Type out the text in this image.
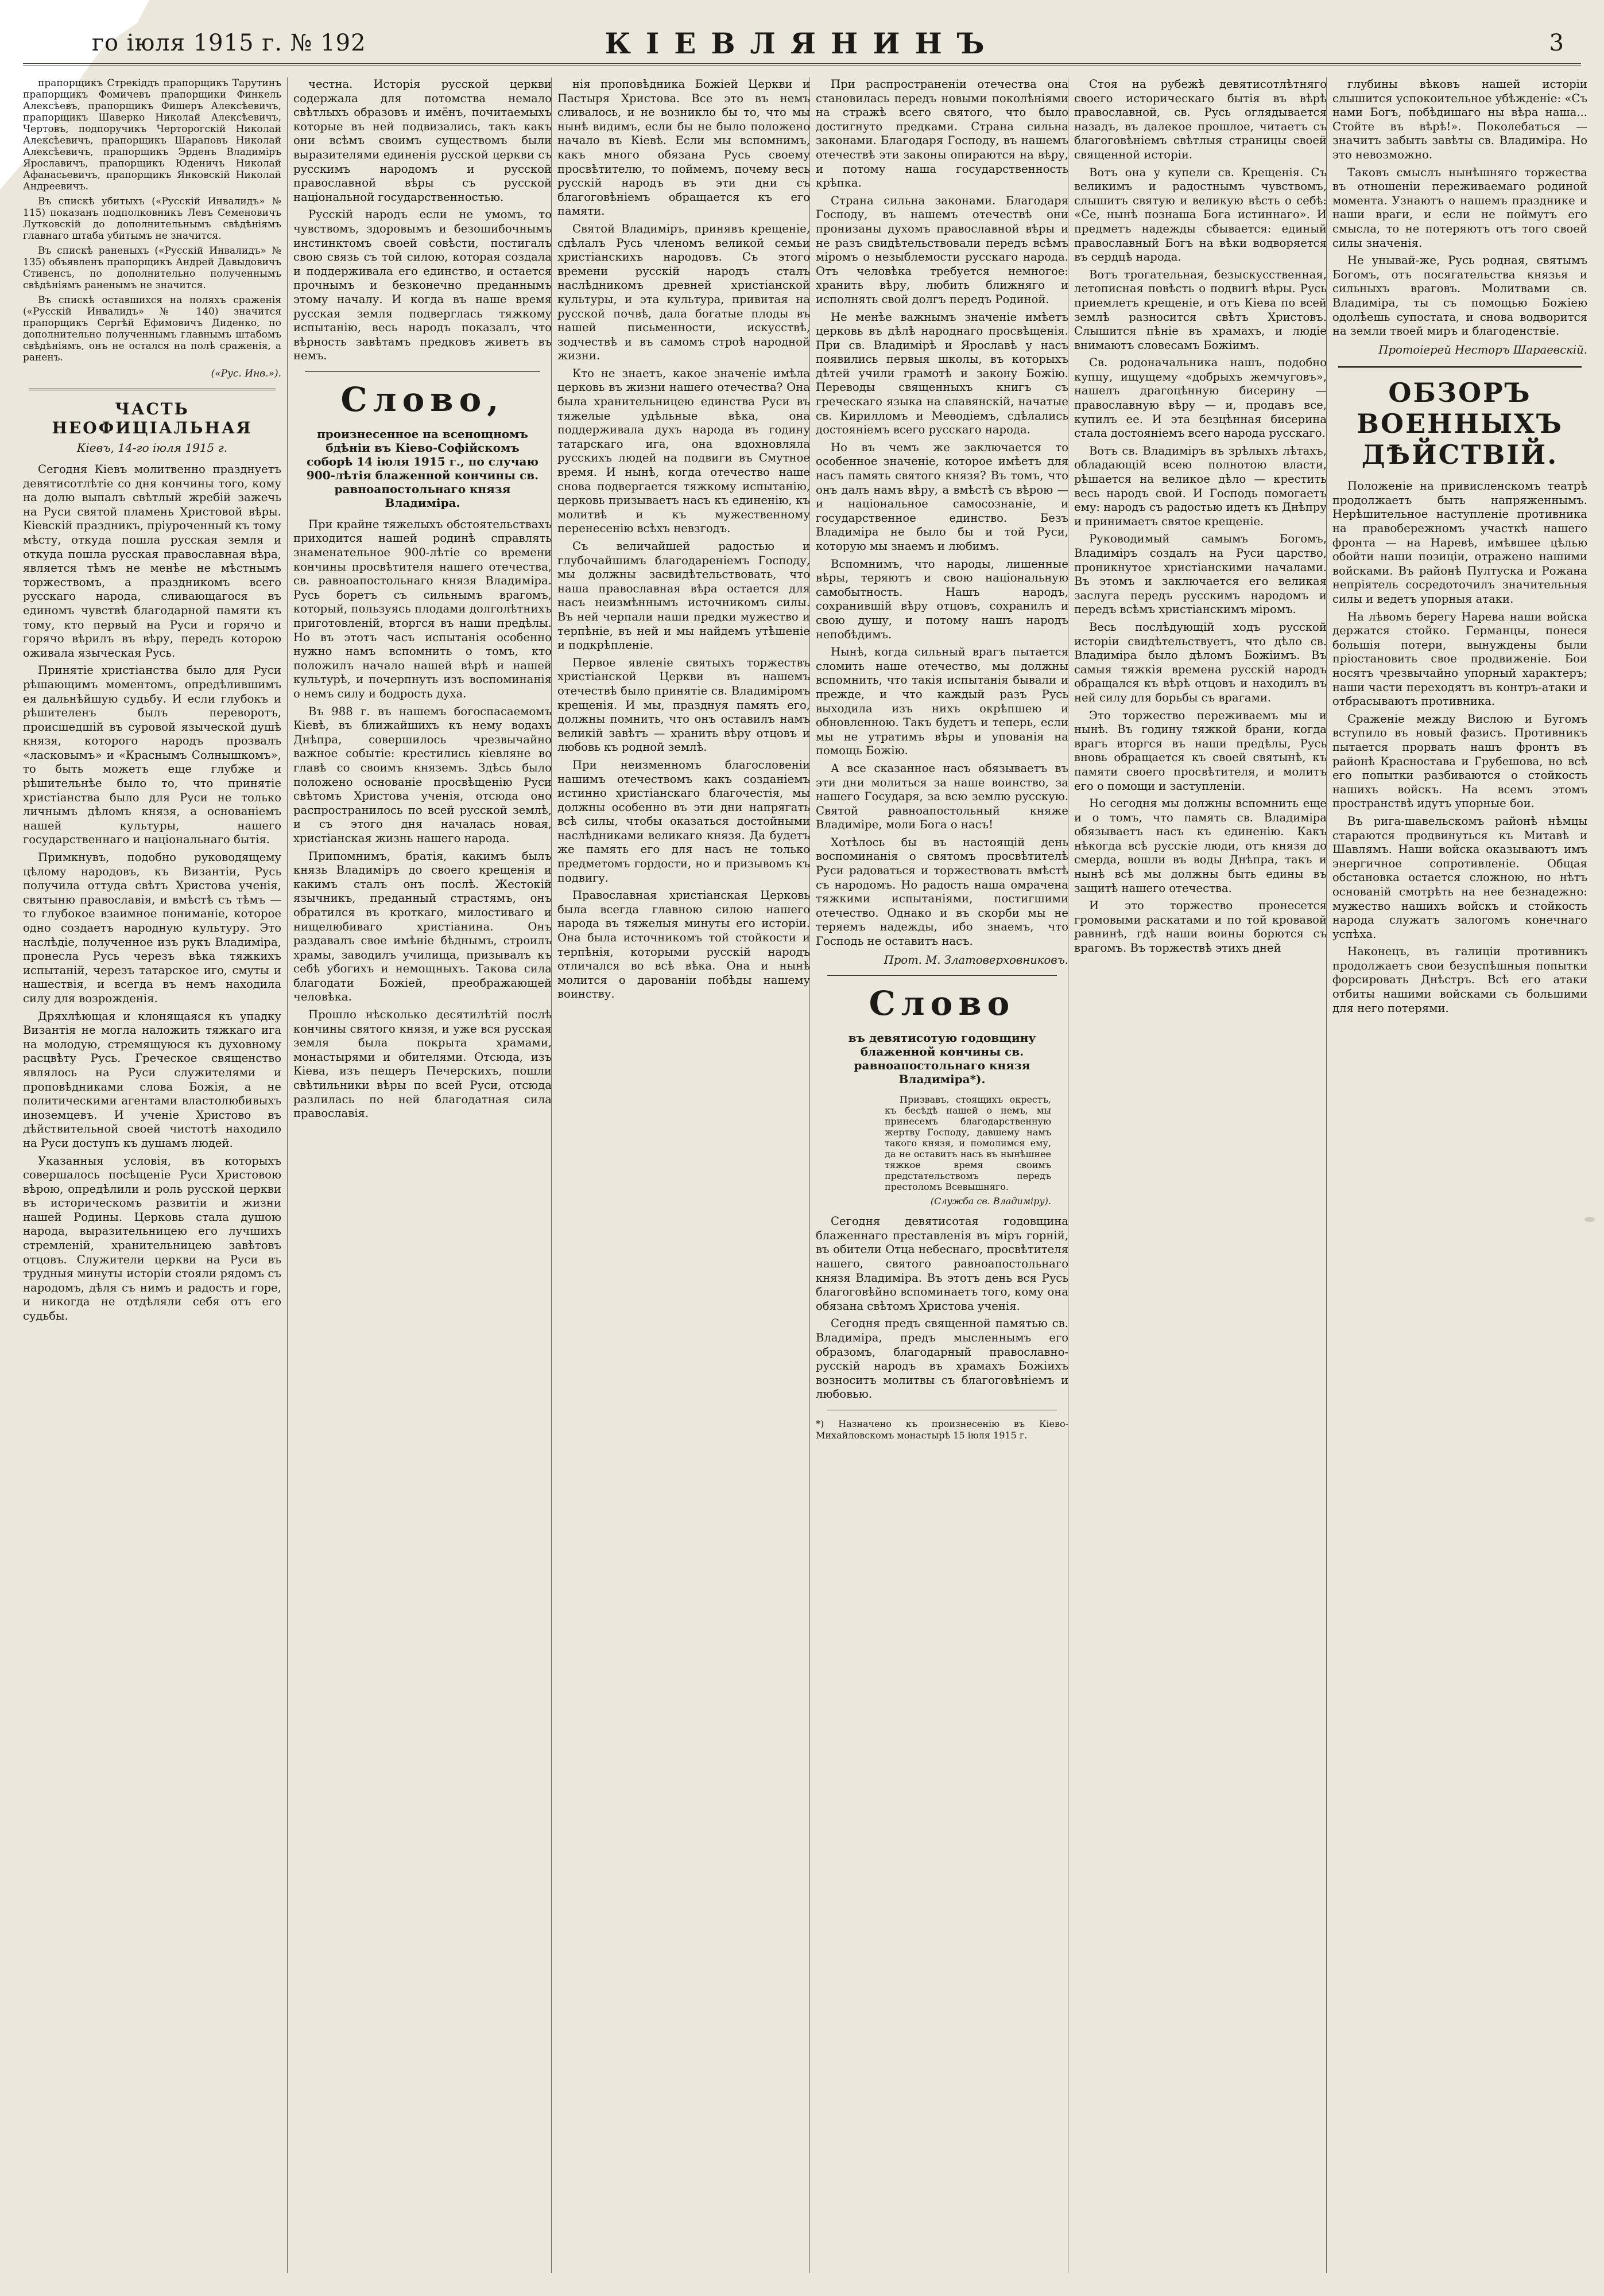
го іюля 1915 г. № 192	КІЕВЛЯНИНЪ	3

прапорщикъ Стрекіддъ прапорщикъ Тарутинъ прапорщикъ Фомичевъ прапорщики Финкель Алексѣевъ, прапорщикъ Фишеръ Алексѣевичъ, прапорщикъ Шаверко Николай Алексѣевичъ, Чертовъ, подпоручикъ Черторогскій Николай Алексѣевичъ, прапорщикъ Шараповъ Николай Алексѣевичъ, прапорщикъ Эрденъ Владиміръ Ярославичъ, прапорщикъ Юденичъ Николай Афанасьевичъ, прапорщикъ Янковскій Николай Андреевичъ.

Въ спискѣ убитыхъ («Русскій Инвалидъ» № 115) показанъ подполковникъ Левъ Семеновичъ Лутковскій до дополнительнымъ свѣдѣніямъ главнаго штаба убитымъ не значится.

Въ спискѣ раненыхъ («Русскій Инвалидъ» № 135) объявленъ прапорщикъ Андрей Давыдовичъ Стивенсъ, по дополнительно полученнымъ свѣдѣніямъ раненымъ не значится.

Въ спискѣ оставшихся на поляхъ сраженія («Русскій Инвалидъ» № 140) значится прапорщикъ Сергѣй Ефимовичъ Диденко, по дополнительно полученнымъ главнымъ штабомъ свѣдѣніямъ, онъ не остался на полѣ сраженія, а раненъ.

(«Рус. Инв.»).

ЧАСТЬ НЕОФИЦІАЛЬНАЯ
Кіевъ, 14-го іюля 1915 г.

Сегодня Кіевъ молитвенно празднуетъ девятисотлѣтіе со дня кончины того, кому на долю выпалъ свѣтлый жребій зажечь на Руси святой пламень Христовой вѣры. Кіевскій праздникъ, пріуроченный къ тому мѣсту, откуда пошла русская земля и откуда пошла русская православная вѣра, является тѣмъ не менѣе не мѣстнымъ торжествомъ, а праздникомъ всего русскаго народа, сливающагося въ единомъ чувствѣ благодарной памяти къ тому, кто первый на Руси и горячо и горячо вѣрилъ въ вѣру, передъ которою оживала языческая Русь.

Принятіе христіанства было для Руси рѣшающимъ моментомъ, опредѣлившимъ ея дальнѣйшую судьбу. И если глубокъ и рѣшителенъ былъ переворотъ, происшедшій въ суровой языческой душѣ князя, которого народъ прозвалъ «ласковымъ» и «Краснымъ Солнышкомъ», то быть можетъ еще глубже и рѣшительнѣе было то, что принятіе христіанства было для Руси не только личнымъ дѣломъ князя, а основаніемъ нашей культуры, нашего государственнаго и національнаго бытія.

Примкнувъ, подобно руководящему цѣлому народовъ, къ Византіи, Русь получила оттуда свѣтъ Христова ученія, святыню православія, и вмѣстѣ съ тѣмъ — то глубокое взаимное пониманіе, которое одно создаетъ народную культуру. Это наслѣдіе, полученное изъ рукъ Владиміра, пронесла Русь черезъ вѣка тяжкихъ испытаній, черезъ татарское иго, смуты и нашествія, и всегда въ немъ находила силу для возрожденія.

Дряхлѣющая и клонящаяся къ упадку Византія не могла наложить тяжкаго ига на молодую, стремящуюся къ духовному расцвѣту Русь. Греческое священство являлось на Руси служителями и проповѣдниками слова Божія, а не политическими агентами властолюбивыхъ иноземцевъ. И ученіе Христово въ дѣйствительной своей чистотѣ находило на Руси доступъ къ душамъ людей.

Указанныя условія, въ которыхъ совершалось посѣщеніе Руси Христовою вѣрою, опредѣлили и роль русской церкви въ историческомъ развитіи и жизни нашей Родины. Церковь стала душою народа, выразительницею его лучшихъ стремленій, хранительницею завѣтовъ отцовъ. Служители церкви на Руси въ трудныя минуты исторіи стояли рядомъ съ народомъ, дѣля съ нимъ и радость и горе, и никогда не отдѣляли себя отъ его судьбы.

честна. Исторія русской церкви содержала для потомства немало свѣтлыхъ образовъ и имёнъ, почитаемыхъ которые въ ней подвизались, такъ какъ они всѣмъ своимъ существомъ были выразителями единенія русской церкви съ русскимъ народомъ и русской православной вѣры съ русской національной государственностью.

Русскій народъ если не умомъ, то чувствомъ, здоровымъ и безошибочнымъ инстинктомъ своей совѣсти, постигалъ свою связь съ той силою, которая создала и поддерживала его единство, и остается прочнымъ и безконечно преданнымъ этому началу. И когда въ наше время русская земля подверглась тяжкому испытанію, весь народъ показалъ, что вѣрность завѣтамъ предковъ живетъ въ немъ.

Слово,
произнесенное на всенощномъ бдѣніи въ Кіево-Софійскомъ соборѣ 14 іюля 1915 г., по случаю 900-лѣтія блаженной кончины св. равноапостольнаго князя Владиміра.

При крайне тяжелыхъ обстоятельствахъ приходится нашей родинѣ справлять знаменательное 900-лѣтіе со времени кончины просвѣтителя нашего отечества, св. равноапостольнаго князя Владиміра. Русь боретъ съ сильнымъ врагомъ, который, пользуясь плодами долголѣтнихъ приготовленій, вторгся въ наши предѣлы. Но въ этотъ часъ испытанія особенно нужно намъ вспомнить о томъ, кто положилъ начало нашей вѣрѣ и нашей культурѣ, и почерпнуть изъ воспоминанія о немъ силу и бодрость духа.

Въ 988 г. въ нашемъ богоспасаемомъ Кіевѣ, въ ближайшихъ къ нему водахъ Днѣпра, совершилось чрезвычайно важное событіе: крестились кіевляне во главѣ со своимъ княземъ. Здѣсь было положено основаніе просвѣщенію Руси свѣтомъ Христова ученія, отсюда оно распространилось по всей русской землѣ, и съ этого дня началась новая, христіанская жизнь нашего народа.

Припомнимъ, братія, какимъ былъ князь Владиміръ до своего крещенія и какимъ сталъ онъ послѣ. Жестокій язычникъ, преданный страстямъ, онъ обратился въ кроткаго, милостиваго и нищелюбиваго христіанина. Онъ раздавалъ свое имѣніе бѣднымъ, строилъ храмы, заводилъ училища, призывалъ къ себѣ убогихъ и немощныхъ. Такова сила благодати Божіей, преображающей человѣка.

Прошло нѣсколько десятилѣтій послѣ кончины святого князя, и уже вся русская земля была покрыта храмами, монастырями и обителями. Отсюда, изъ Кіева, изъ пещеръ Печерскихъ, пошли свѣтильники вѣры по всей Руси, отсюда разлилась по ней благодатная сила православія.

нія проповѣдника Божіей Церкви и Пастыря Христова. Все это въ немъ сливалось, и не возникло бы то, что мы нынѣ видимъ, если бы не было положено начало въ Кіевѣ. Если мы вспомнимъ, какъ много обязана Русь своему просвѣтителю, то поймемъ, почему весь русскій народъ въ эти дни съ благоговѣніемъ обращается къ его памяти.

Святой Владиміръ, принявъ крещеніе, сдѣлалъ Русь членомъ великой семьи христіанскихъ народовъ. Съ этого времени русскій народъ сталъ наслѣдникомъ древней христіанской культуры, и эта культура, привитая на русской почвѣ, дала богатые плоды въ нашей письменности, искусствѣ, зодчествѣ и въ самомъ строѣ народной жизни.

Кто не знаетъ, какое значеніе имѣла церковь въ жизни нашего отечества? Она была хранительницею единства Руси въ тяжелые удѣльные вѣка, она поддерживала духъ народа въ годину татарскаго ига, она вдохновляла русскихъ людей на подвиги въ Смутное время. И нынѣ, когда отечество наше снова подвергается тяжкому испытанію, церковь призываетъ насъ къ единенію, къ молитвѣ и къ мужественному перенесенію всѣхъ невзгодъ.

Съ величайшей радостью и глубочайшимъ благодареніемъ Господу, мы должны засвидѣтельствовать, что наша православная вѣра остается для насъ неизмѣннымъ источникомъ силы. Въ ней черпали наши предки мужество и терпѣніе, въ ней и мы найдемъ утѣшеніе и подкрѣпленіе.

Первое явленіе святыхъ торжествъ христіанской Церкви въ нашемъ отечествѣ было принятіе св. Владиміромъ крещенія. И мы, празднуя память его, должны помнить, что онъ оставилъ намъ великій завѣтъ — хранить вѣру отцовъ и любовь къ родной землѣ.

При неизменномъ благословеніи нашимъ отечествомъ какъ созданіемъ истинно христіанскаго благочестія, мы должны особенно въ эти дни напрягать всѣ силы, чтобы оказаться достойными наслѣдниками великаго князя. Да будетъ же память его для насъ не только предметомъ гордости, но и призывомъ къ подвигу.

Православная христіанская Церковь была всегда главною силою нашего народа въ тяжелыя минуты его исторіи. Она была источникомъ той стойкости и терпѣнія, которыми русскій народъ отличался во всѣ вѣка. Она и нынѣ молится о дарованіи побѣды нашему воинству.

При распространеніи отечества она становилась передъ новыми поколѣніями на стражѣ всего святого, что было достигнуто предками. Страна сильна законами. Благодаря Господу, въ нашемъ отечествѣ эти законы опираются на вѣру, и потому наша государственность крѣпка.

Страна сильна законами. Благодаря Господу, въ нашемъ отечествѣ они пронизаны духомъ православной вѣры и не разъ свидѣтельствовали передъ всѣмъ міромъ о незыблемости русскаго народа. Отъ человѣка требуется немногое: хранить вѣру, любить ближняго и исполнять свой долгъ передъ Родиной.

Не менѣе важнымъ значеніе имѣетъ церковь въ дѣлѣ народнаго просвѣщенія. При св. Владимірѣ и Ярославѣ у насъ появились первыя школы, въ которыхъ дѣтей учили грамотѣ и закону Божію. Переводы священныхъ книгъ съ греческаго языка на славянскій, начатые св. Кирилломъ и Меѳодіемъ, сдѣлались достояніемъ всего русскаго народа.

Но въ чемъ же заключается то особенное значеніе, которое имѣетъ для насъ память святого князя? Въ томъ, что онъ далъ намъ вѣру, а вмѣстѣ съ вѣрою — и національное самосознаніе, и государственное единство. Безъ Владиміра не было бы и той Руси, которую мы знаемъ и любимъ.

Вспомнимъ, что народы, лишенные вѣры, теряютъ и свою національную самобытность. Нашъ народъ, сохранившій вѣру отцовъ, сохранилъ и свою душу, и потому нашъ народъ непобѣдимъ.

Нынѣ, когда сильный врагъ пытается сломить наше отечество, мы должны вспомнить, что такія испытанія бывали и прежде, и что каждый разъ Русь выходила изъ нихъ окрѣпшею и обновленною. Такъ будетъ и теперь, если мы не утратимъ вѣры и упованія на помощь Божію.

А все сказанное насъ обязываетъ въ эти дни молиться за наше воинство, за нашего Государя, за всю землю русскую. Святой равноапостольный княже Владиміре, моли Бога о насъ!

Хотѣлось бы въ настоящій день воспоминанія о святомъ просвѣтителѣ Руси радоваться и торжествовать вмѣстѣ съ народомъ. Но радость наша омрачена тяжкими испытаніями, постигшими отечество. Однако и въ скорби мы не теряемъ надежды, ибо знаемъ, что Господь не оставитъ насъ.

Прот. М. Златоверховниковъ.

Слово
въ девятисотую годовщину блаженной кончины св. равноапостольнаго князя Владиміра*).

Призвавъ, стоящихъ окрестъ, къ бесѣдѣ нашей о немъ, мы принесемъ благодарственную жертву Господу, давшему намъ такого князя, и помолимся ему, да не оставитъ насъ въ нынѣшнее тяжкое время своимъ предстательствомъ передъ престоломъ Всевышняго.

(Служба св. Владиміру).

Сегодня девятисотая годовщина блаженнаго преставленія въ міръ горній, въ обители Отца небеснаго, просвѣтителя нашего, святого равноапостольнаго князя Владиміра. Въ этотъ день вся Русь благоговѣйно вспоминаетъ того, кому она обязана свѣтомъ Христова ученія.

Сегодня предъ священной памятью св. Владиміра, предъ мысленнымъ его образомъ, благодарный православно-русскій народъ въ храмахъ Божіихъ возноситъ молитвы съ благоговѣніемъ и любовью.

*) Назначено къ произнесенію въ Кіево-Михайловскомъ монастырѣ 15 іюля 1915 г.

Стоя на рубежѣ девятисотлѣтняго своего историческаго бытія въ вѣрѣ православной, св. Русь оглядывается назадъ, въ далекое прошлое, читаетъ съ благоговѣніемъ свѣтлыя страницы своей священной исторіи.

Вотъ она у купели св. Крещенія. Съ великимъ и радостнымъ чувствомъ, слышитъ святую и великую вѣсть о себѣ: «Се, нынѣ познаша Бога истиннаго». И предметъ надежды сбывается: единый православный Богъ на вѣки водворяется въ сердцѣ народа.

Вотъ трогательная, безыскусственная, летописная повѣсть о подвигѣ вѣры. Русь приемлетъ крещеніе, и отъ Кіева по всей землѣ разносится свѣтъ Христовъ. Слышится пѣніе въ храмахъ, и людіе внимаютъ словесамъ Божіимъ.

Св. родоначальника нашъ, подобно купцу, ищущему «добрыхъ жемчуговъ», нашелъ драгоцѣнную бисерину — православную вѣру — и, продавъ все, купилъ ее. И эта безцѣнная бисерина стала достояніемъ всего народа русскаго.

Вотъ св. Владиміръ въ зрѣлыхъ лѣтахъ, обладающій всею полнотою власти, рѣшается на великое дѣло — крестить весь народъ свой. И Господь помогаетъ ему: народъ съ радостью идетъ къ Днѣпру и принимаетъ святое крещеніе.

Руководимый самымъ Богомъ, Владиміръ создалъ на Руси царство, проникнутое христіанскими началами. Въ этомъ и заключается его великая заслуга передъ русскимъ народомъ и передъ всѣмъ христіанскимъ міромъ.

Весь послѣдующій ходъ русской исторіи свидѣтельствуетъ, что дѣло св. Владиміра было дѣломъ Божіимъ. Въ самыя тяжкія времена русскій народъ обращался къ вѣрѣ отцовъ и находилъ въ ней силу для борьбы съ врагами.

Это торжество переживаемъ мы и нынѣ. Въ годину тяжкой брани, когда врагъ вторгся въ наши предѣлы, Русь вновь обращается къ своей святынѣ, къ памяти своего просвѣтителя, и молитъ его о помощи и заступленіи.

Но сегодня мы должны вспомнить еще и о томъ, что память св. Владиміра обязываетъ насъ къ единенію. Какъ нѣкогда всѣ русскіе люди, отъ князя до смерда, вошли въ воды Днѣпра, такъ и нынѣ всѣ мы должны быть едины въ защитѣ нашего отечества.

И это торжество пронесется громовыми раскатами и по той кровавой равнинѣ, гдѣ наши воины борются съ врагомъ. Въ торжествѣ этихъ дней

глубины вѣковъ нашей исторіи слышится успокоительное убѣжденіе: «Съ нами Богъ, побѣдишаго ны вѣра наша... Стойте въ вѣрѣ!». Поколебаться — значитъ забыть завѣты св. Владиміра. Но это невозможно.

Таковъ смыслъ нынѣшняго торжества въ отношеніи переживаемаго родиной момента. Узнаютъ о нашемъ празднике и наши враги, и если не поймутъ его смысла, то не потеряютъ отъ того своей силы значенія.

Не унывай-же, Русь родная, святымъ Богомъ, отъ посягательства князья и сильныхъ враговъ. Молитвами св. Владиміра, ты съ помощью Божіею одолѣешь супостата, и снова водворится на земли твоей миръ и благоденствіе.

Протоіерей Несторъ Шараевскій.

ОБЗОРЪ ВОЕННЫХЪ ДѢЙСТВІЙ.

Положеніе на привисленскомъ театрѣ продолжаетъ быть напряженнымъ. Нерѣшительное наступленіе противника на правобережномъ участкѣ нашего фронта — на Наревѣ, имѣвшее цѣлью обойти наши позиціи, отражено нашими войсками. Въ районѣ Пултуска и Рожана непріятель сосредоточилъ значительныя силы и ведетъ упорныя атаки.

На лѣвомъ берегу Нарева наши войска держатся стойко. Германцы, понеся большія потери, вынуждены были пріостановить свое продвиженіе. Бои носятъ чрезвычайно упорный характеръ; наши части переходятъ въ контръ-атаки и отбрасываютъ противника.

Сраженіе между Вислою и Бугомъ вступило въ новый фазисъ. Противникъ пытается прорвать нашъ фронтъ въ районѣ Красностава и Грубешова, но всѣ его попытки разбиваются о стойкость нашихъ войскъ. На всемъ этомъ пространствѣ идутъ упорные бои.

Въ рига-шавельскомъ районѣ нѣмцы стараются продвинуться къ Митавѣ и Шавлямъ. Наши войска оказываютъ имъ энергичное сопротивленіе. Общая обстановка остается сложною, но нѣтъ основаній смотрѣть на нее безнадежно: мужество нашихъ войскъ и стойкость народа служатъ залогомъ конечнаго успѣха.

Наконецъ, въ галиціи противникъ продолжаетъ свои безуспѣшныя попытки форсировать Днѣстръ. Всѣ его атаки отбиты нашими войсками съ большими для него потерями.
